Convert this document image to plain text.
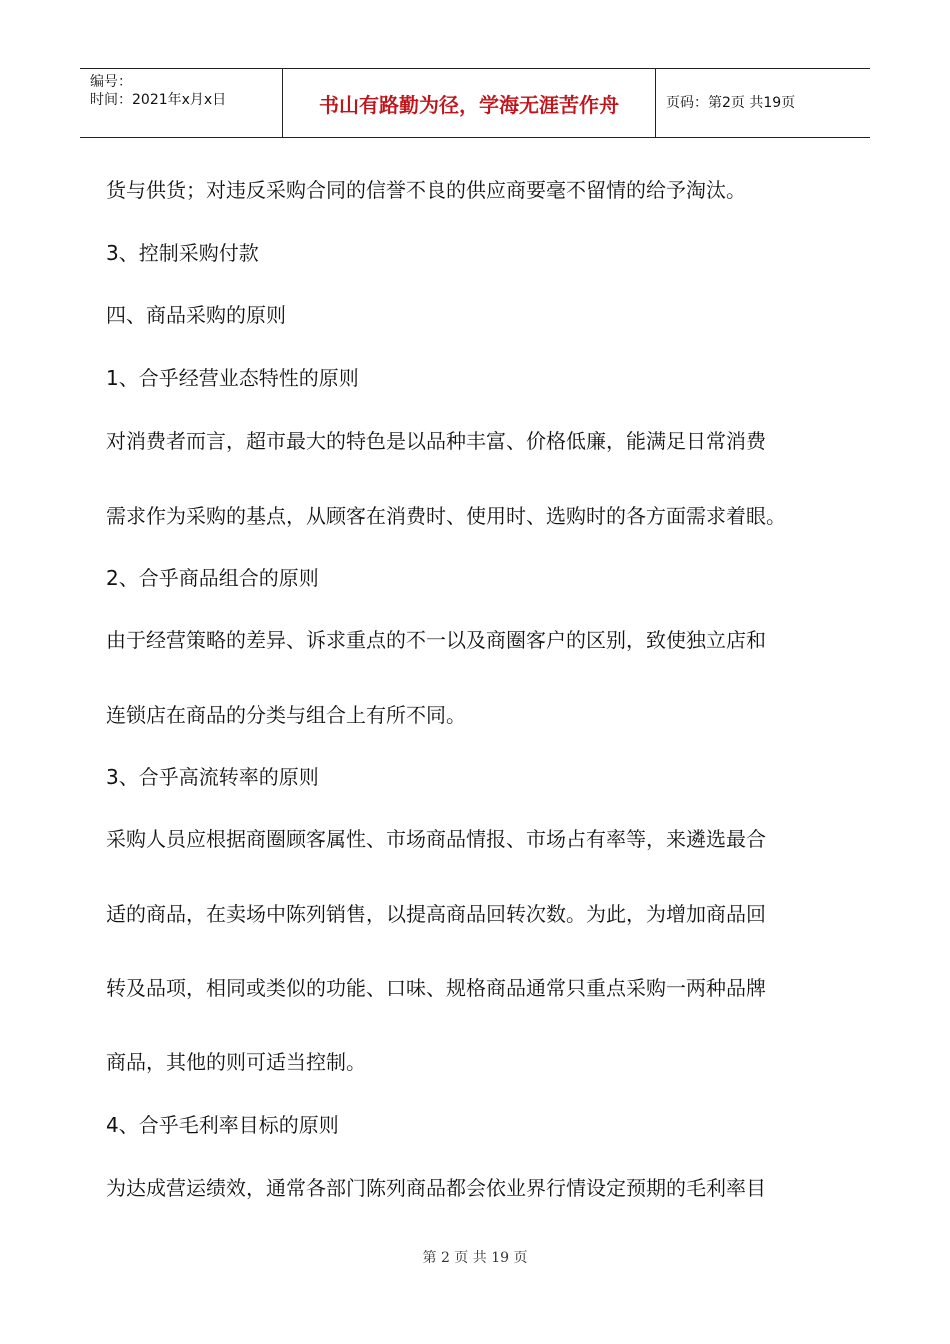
编号：
时间：2021年x月x日	书山有路勤为径，学海无涯苦作舟	页码：第2页 共19页
货与供货；对违反采购合同的信誉不良的供应商要毫不留情的给予淘汰。
3、控制采购付款
四、商品采购的原则
1、合乎经营业态特性的原则
对消费者而言，超市最大的特色是以品种丰富、价格低廉，能满足日常消费
需求作为采购的基点，从顾客在消费时、使用时、选购时的各方面需求着眼。
2、合乎商品组合的原则
由于经营策略的差异、诉求重点的不一以及商圈客户的区别，致使独立店和
连锁店在商品的分类与组合上有所不同。
3、合乎高流转率的原则
采购人员应根据商圈顾客属性、市场商品情报、市场占有率等，来遴选最合
适的商品，在卖场中陈列销售，以提高商品回转次数。为此，为增加商品回
转及品项，相同或类似的功能、口味、规格商品通常只重点采购一两种品牌
商品，其他的则可适当控制。
4、合乎毛利率目标的原则
为达成营运绩效，通常各部门陈列商品都会依业界行情设定预期的毛利率目
第 2 页 共 19 页
